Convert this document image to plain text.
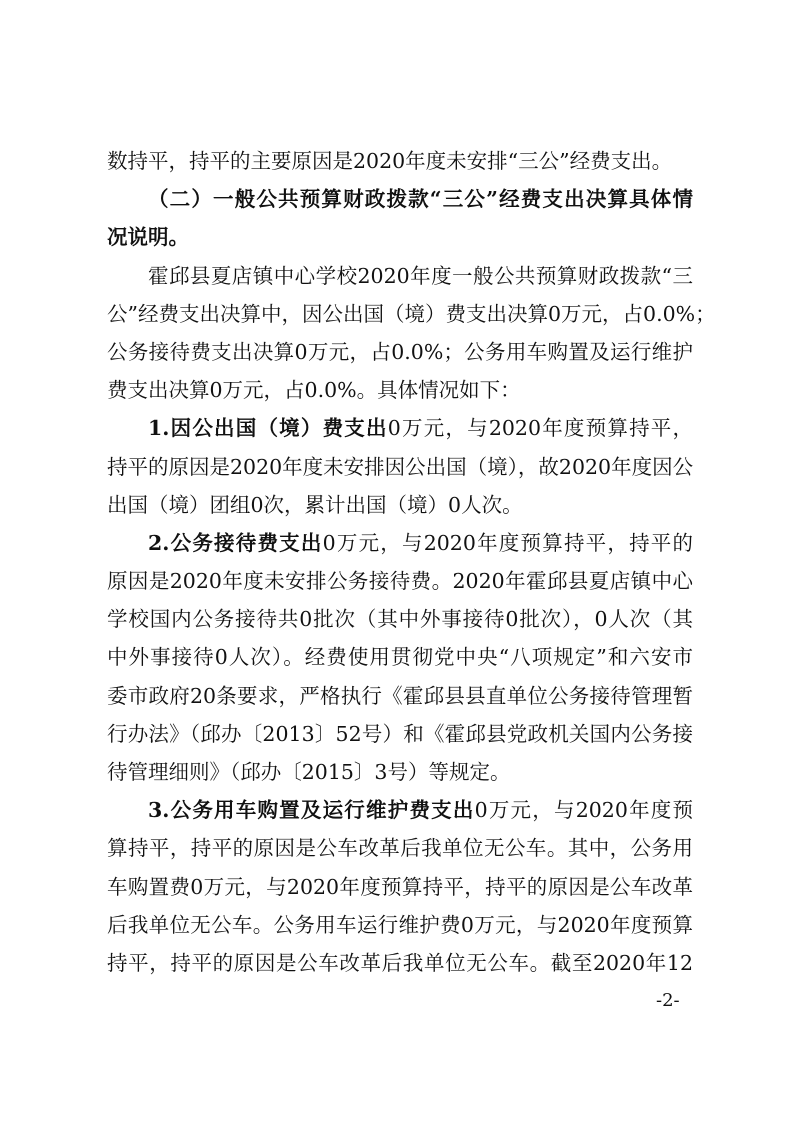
数持平，持平的主要原因是2020年度未安排“三公”经费支出。
（二）一般公共预算财政拨款“三公”经费支出决算具体情
况说明。
霍邱县夏店镇中心学校2020年度一般公共预算财政拨款“三
公”经费支出决算中，因公出国（境）费支出决算0万元，占0.0%；
公务接待费支出决算0万元，占0.0%；公务用车购置及运行维护
费支出决算0万元，占0.0%。具体情况如下：
1.因公出国（境）费支出0万元，与2020年度预算持平，
持平的原因是2020年度未安排因公出国（境），故2020年度因公
出国（境）团组0次，累计出国（境）0人次。
2.公务接待费支出0万元，与2020年度预算持平，持平的
原因是2020年度未安排公务接待费。2020年霍邱县夏店镇中心
学校国内公务接待共0批次（其中外事接待0批次），0人次（其
中外事接待0人次）。经费使用贯彻党中央“八项规定”和六安市
委市政府20条要求，严格执行《霍邱县县直单位公务接待管理暂
行办法》（邱办〔2013〕52号）和《霍邱县党政机关国内公务接
待管理细则》（邱办〔2015〕3号）等规定。
3.公务用车购置及运行维护费支出0万元，与2020年度预
算持平，持平的原因是公车改革后我单位无公车。其中，公务用
车购置费0万元，与2020年度预算持平，持平的原因是公车改革
后我单位无公车。公务用车运行维护费0万元，与2020年度预算
持平，持平的原因是公车改革后我单位无公车。截至2020年12
-2-
